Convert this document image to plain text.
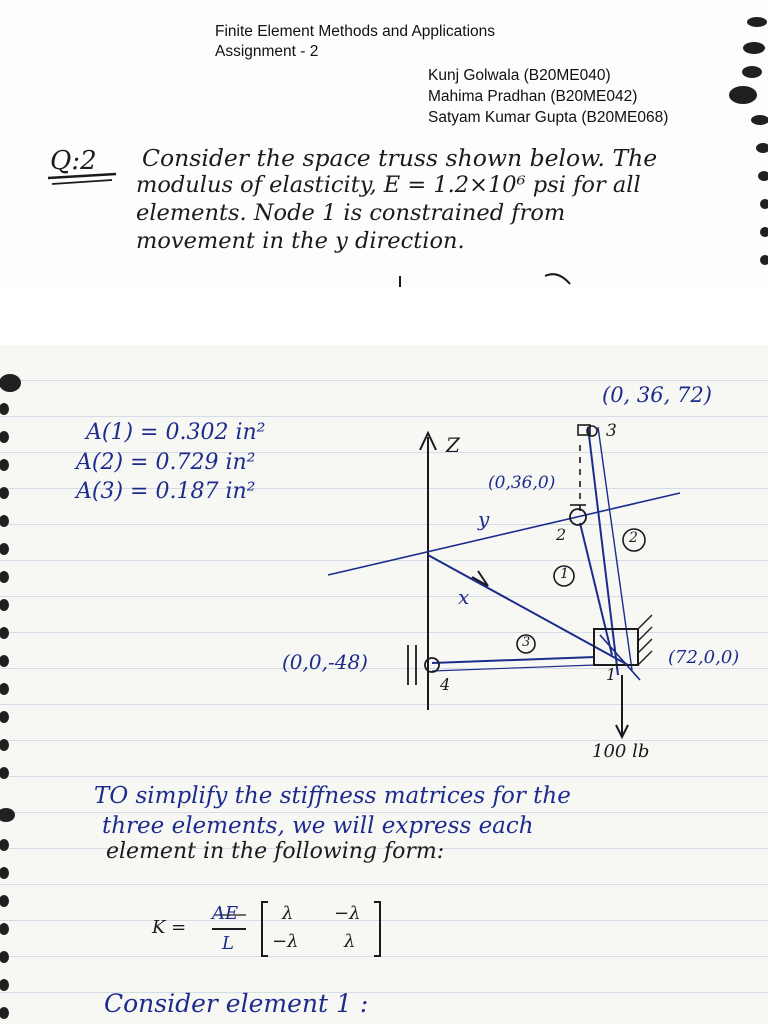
Finite Element Methods and Applications
Assignment - 2
Kunj Golwala (B20ME040)
Mahima Pradhan (B20ME042)
Satyam Kumar Gupta (B20ME068)
Q:2 Consider the space truss shown below. The
modulus of elasticity, E = 1.2×10⁶ psi for all
elements. Node 1 is constrained from
movement in the y direction.
A(1) = 0.302 in²
A(2) = 0.729 in²
A(3) = 0.187 in²
Z
y
x
(0, 36, 72)
(0,36,0)
(0,0,-48)	(72,0,0)
3
2
4
1
1
2
3
100 lb
TO simplify the stiffness matrices for the
three elements, we will express each
element in the following form:
K =
AE
L
λ −λ
−λ	λ
Consider element 1 :
